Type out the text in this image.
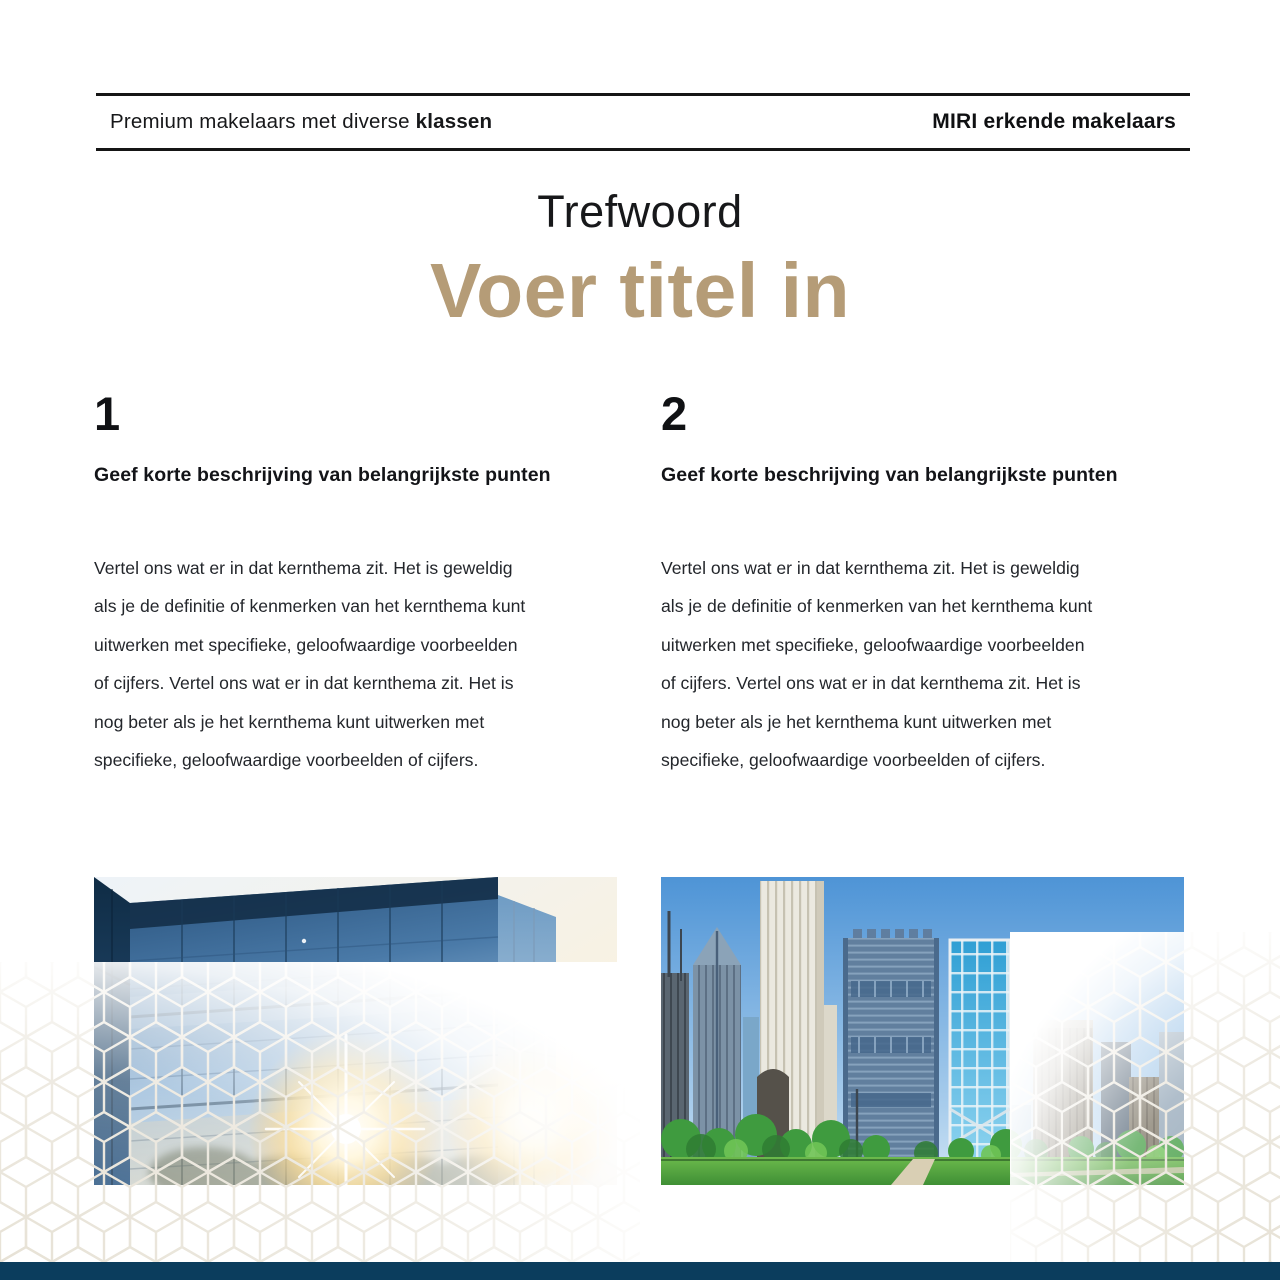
Premium makelaars met diverse klassen	MIRI erkende makelaars
Trefwoord
Voer titel in
1
Geef korte beschrijving van belangrijkste punten
Vertel ons wat er in dat kernthema zit. Het is geweldig
als je de definitie of kenmerken van het kernthema kunt
uitwerken met specifieke, geloofwaardige voorbeelden
of cijfers. Vertel ons wat er in dat kernthema zit. Het is
nog beter als je het kernthema kunt uitwerken met
specifieke, geloofwaardige voorbeelden of cijfers.
2
Geef korte beschrijving van belangrijkste punten
Vertel ons wat er in dat kernthema zit. Het is geweldig
als je de definitie of kenmerken van het kernthema kunt
uitwerken met specifieke, geloofwaardige voorbeelden
of cijfers. Vertel ons wat er in dat kernthema zit. Het is
nog beter als je het kernthema kunt uitwerken met
specifieke, geloofwaardige voorbeelden of cijfers.
